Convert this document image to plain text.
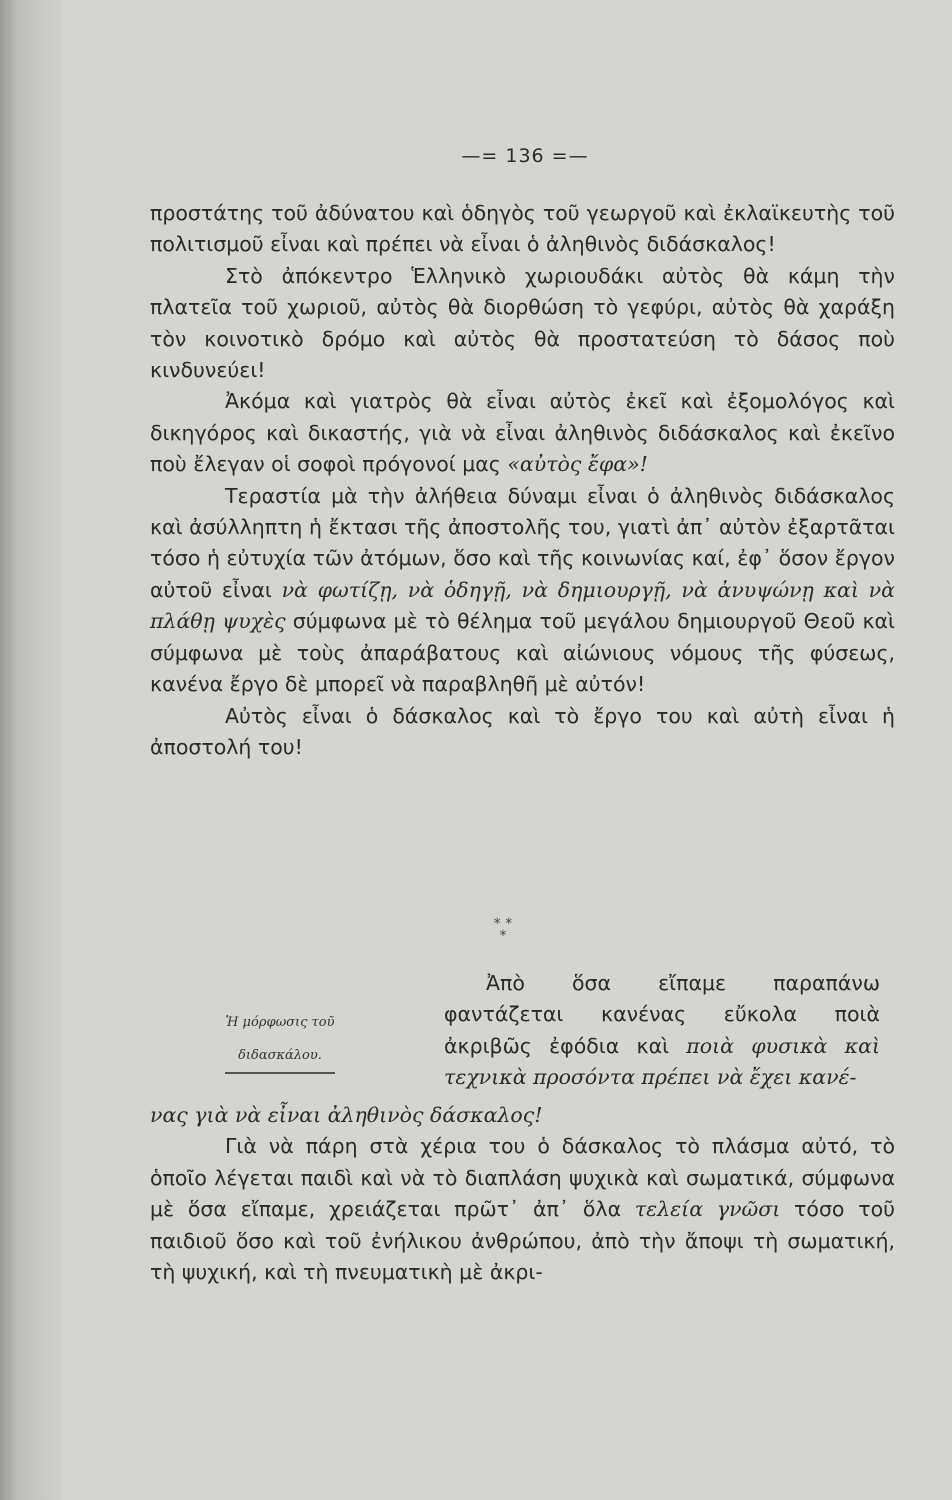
—= 136 =—

προστάτης τοῦ ἀδύνατου καὶ ὁδηγὸς τοῦ γεωργοῦ καὶ ἐκλαϊκευτὴς τοῦ πολιτισμοῦ εἶναι καὶ πρέπει νὰ εἶναι ὁ ἀληθινὸς διδάσκαλος!

Στὸ ἀπόκεντρο Ἑλληνικὸ χωριουδάκι αὐτὸς θὰ κάμη τὴν πλατεῖα τοῦ χωριοῦ, αὐτὸς θὰ διορθώση τὸ γεφύρι, αὐτὸς θὰ χαράξη τὸν κοινοτικὸ δρόμο καὶ αὐτὸς θὰ προστατεύση τὸ δάσος ποὺ κινδυνεύει!

Ἀκόμα καὶ γιατρὸς θὰ εἶναι αὐτὸς ἐκεῖ καὶ ἐξομολόγος καὶ δικηγόρος καὶ δικαστής, γιὰ νὰ εἶναι ἀληθινὸς διδάσκαλος καὶ ἐκεῖνο ποὺ ἔλεγαν οἱ σοφοὶ πρόγονοί μας «αὐτὸς ἔφα»!

Τεραστία μὰ τὴν ἀλήθεια δύναμι εἶναι ὁ ἀληθινὸς διδάσκαλος καὶ ἀσύλληπτη ἡ ἔκτασι τῆς ἀποστολῆς του, γιατὶ ἀπ᾽ αὐτὸν ἐξαρτᾶται τόσο ἡ εὐτυχία τῶν ἀτόμων, ὅσο καὶ τῆς κοινωνίας καί, ἐφ᾽ ὅσον ἔργον αὐτοῦ εἶναι νὰ φωτίζῃ, νὰ ὁδηγῇ, νὰ δημιουργῇ, νὰ ἀνυψώνῃ καὶ νὰ πλάθῃ ψυχὲς σύμφωνα μὲ τὸ θέλημα τοῦ μεγάλου δημιουργοῦ Θεοῦ καὶ σύμφωνα μὲ τοὺς ἀπαράβατους καὶ αἰώνιους νόμους τῆς φύσεως, κανένα ἔργο δὲ μπορεῖ νὰ παραβληθῆ μὲ αὐτόν!

Αὐτὸς εἶναι ὁ δάσκαλος καὶ τὸ ἔργο του καὶ αὐτὴ εἶναι ἡ ἀποστολή του!

* *
*
Ἡ μόρφωσις τοῦ
διδασκάλου.

Ἀπὸ ὅσα εἴπαμε παραπάνω φαντάζεται κανένας εὔκολα ποιὰ ἀκριβῶς ἐφόδια καὶ ποιὰ φυσικὰ καὶ τεχνικὰ προσόντα πρέπει νὰ ἔχει κανέ-

νας γιὰ νὰ εἶναι ἀληθινὸς δάσκαλος!

Γιὰ νὰ πάρη στὰ χέρια του ὁ δάσκαλος τὸ πλάσμα αὐτό, τὸ ὁποῖο λέγεται παιδὶ καὶ νὰ τὸ διαπλάση ψυχικὰ καὶ σωματικά, σύμφωνα μὲ ὅσα εἴπαμε, χρειάζεται πρῶτ᾽ ἀπ᾽ ὅλα τελεία γνῶσι τόσο τοῦ παιδιοῦ ὅσο καὶ τοῦ ἐνήλικου ἀνθρώπου, ἀπὸ τὴν ἄποψι τὴ σωματική, τὴ ψυχική, καὶ τὴ πνευματικὴ μὲ ἀκρι-
